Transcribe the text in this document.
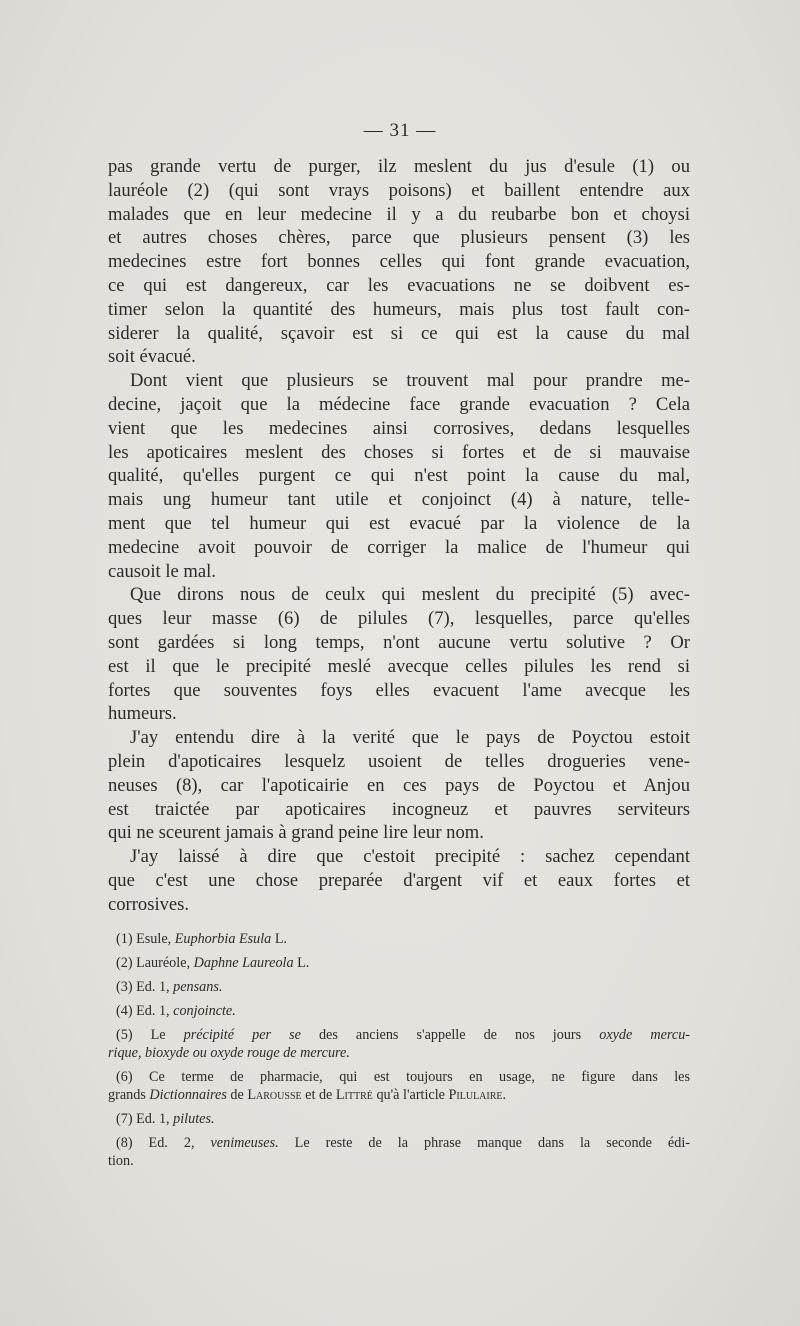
— 31 —
pas grande vertu de purger, ilz meslent du jus d'esule (1) ou
lauréole (2) (qui sont vrays poisons) et baillent entendre aux
malades que en leur medecine il y a du reubarbe bon et choysi
et autres choses chères, parce que plusieurs pensent (3) les
medecines estre fort bonnes celles qui font grande evacuation,
ce qui est dangereux, car les evacuations ne se doibvent es-
timer selon la quantité des humeurs, mais plus tost fault con-
siderer la qualité, sçavoir est si ce qui est la cause du mal
soit évacué.
Dont vient que plusieurs se trouvent mal pour prandre me-
decine, jaçoit que la médecine face grande evacuation ? Cela
vient que les medecines ainsi corrosives, dedans lesquelles
les apoticaires meslent des choses si fortes et de si mauvaise
qualité, qu'elles purgent ce qui n'est point la cause du mal,
mais ung humeur tant utile et conjoinct (4) à nature, telle-
ment que tel humeur qui est evacué par la violence de la
medecine avoit pouvoir de corriger la malice de l'humeur qui
causoit le mal.
Que dirons nous de ceulx qui meslent du precipité (5) avec-
ques leur masse (6) de pilules (7), lesquelles, parce qu'elles
sont gardées si long temps, n'ont aucune vertu solutive ? Or
est il que le precipité meslé avecque celles pilules les rend si
fortes que souventes foys elles evacuent l'ame avecque les
humeurs.
J'ay entendu dire à la verité que le pays de Poyctou estoit
plein d'apoticaires lesquelz usoient de telles drogueries vene-
neuses (8), car l'apoticairie en ces pays de Poyctou et Anjou
est traictée par apoticaires incogneuz et pauvres serviteurs
qui ne sceurent jamais à grand peine lire leur nom.
J'ay laissé à dire que c'estoit precipité : sachez cependant
que c'est une chose preparée d'argent vif et eaux fortes et
corrosives.
(1) Esule, Euphorbia Esula L.
(2) Lauréole, Daphne Laureola L.
(3) Ed. 1, pensans.
(4) Ed. 1, conjoincte.
(5) Le précipité per se des anciens s'appelle de nos jours oxyde mercu-
rique, bioxyde ou oxyde rouge de mercure.
(6) Ce terme de pharmacie, qui est toujours en usage, ne figure dans les
grands Dictionnaires de Larousse et de Littré qu'à l'article Pilulaire.
(7) Ed. 1, pilutes.
(8) Ed. 2, venimeuses. Le reste de la phrase manque dans la seconde édi-
tion.
